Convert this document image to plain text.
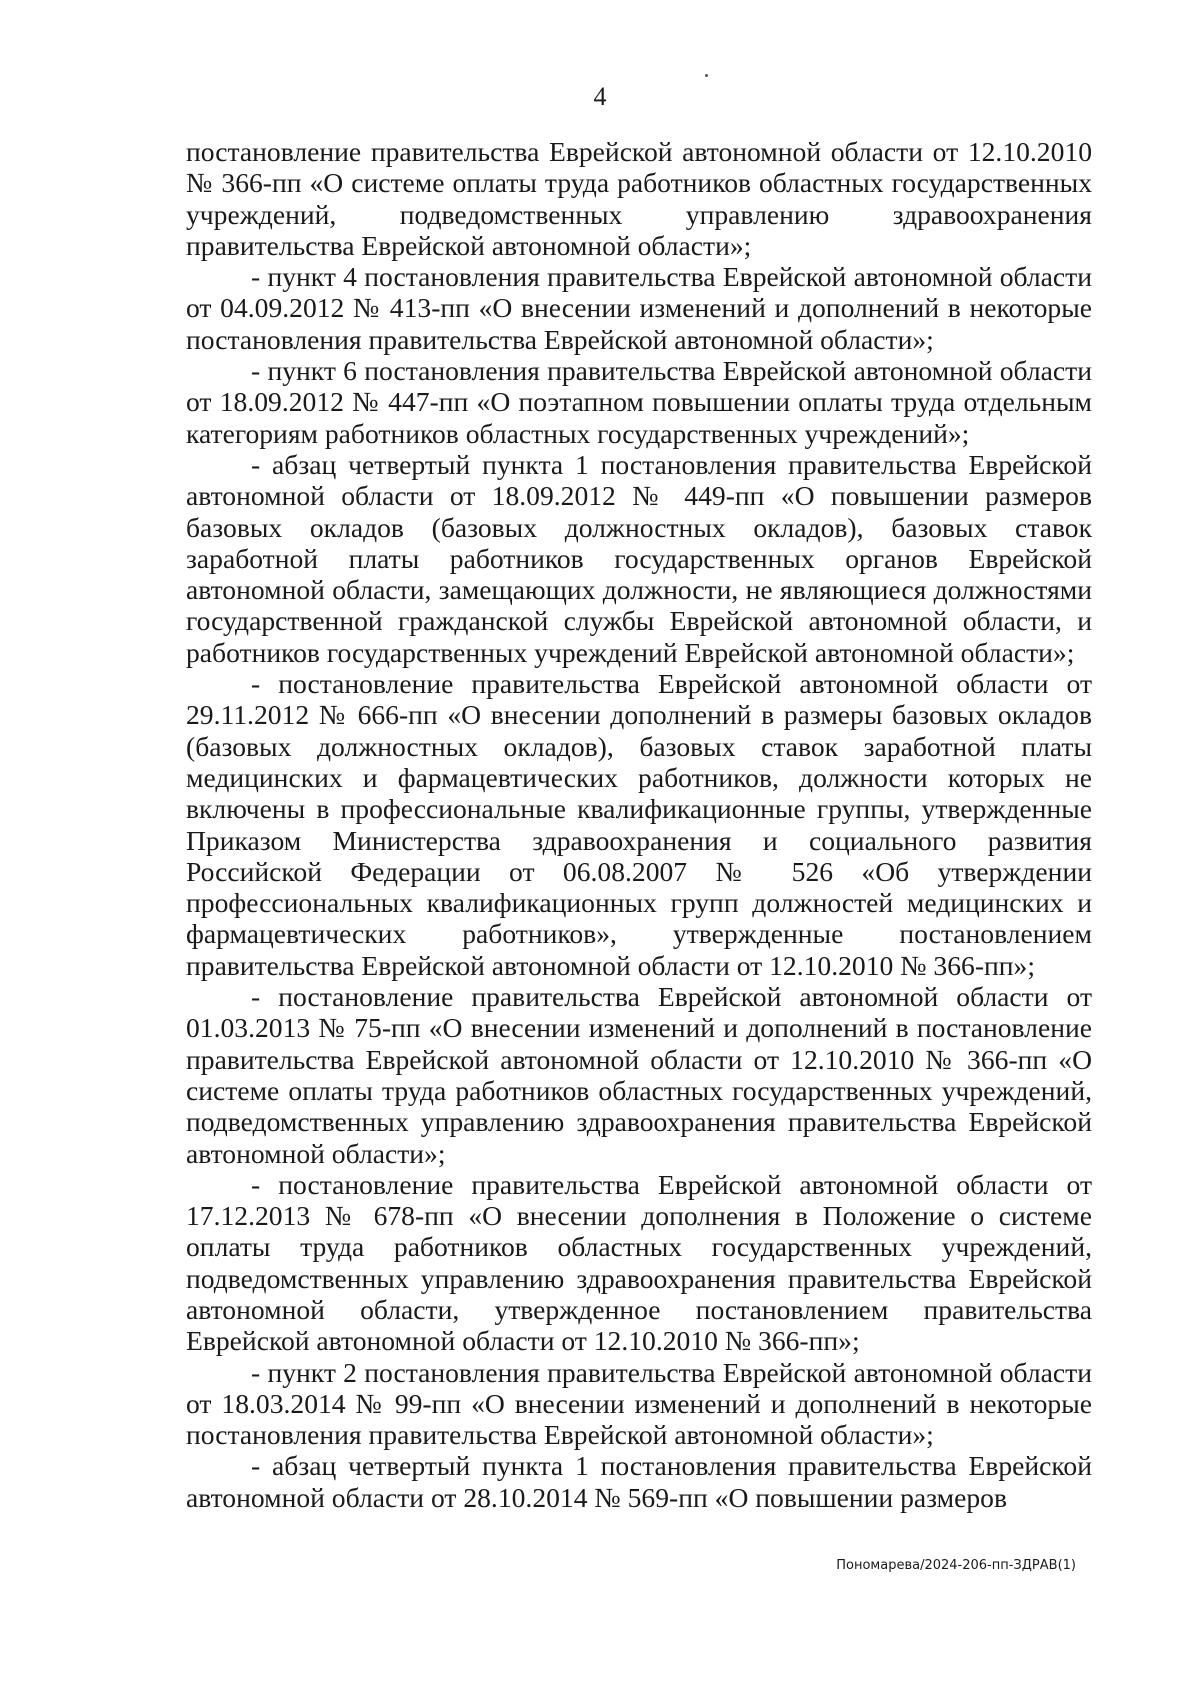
4

постановление правительства Еврейской автономной области от 12.10.2010 № 366-пп «О системе оплаты труда работников областных государственных учреждений, подведомственных управлению здравоохранения правительства Еврейской автономной области»;

- пункт 4 постановления правительства Еврейской автономной области от 04.09.2012 № 413-пп «О внесении изменений и дополнений в некоторые постановления правительства Еврейской автономной области»;

- пункт 6 постановления правительства Еврейской автономной области от 18.09.2012 № 447-пп «О поэтапном повышении оплаты труда отдельным категориям работников областных государственных учреждений»;

- абзац четвертый пункта 1 постановления правительства Еврейской автономной области от 18.09.2012 № 449-пп «О повышении размеров базовых окладов (базовых должностных окладов), базовых ставок заработной платы работников государственных органов Еврейской автономной области, замещающих должности, не являющиеся должностями государственной гражданской службы Еврейской автономной области, и работников государственных учреждений Еврейской автономной области»;

- постановление правительства Еврейской автономной области от 29.11.2012 № 666-пп «О внесении дополнений в размеры базовых окладов (базовых должностных окладов), базовых ставок заработной платы медицинских и фармацевтических работников, должности которых не включены в профессиональные квалификационные группы, утвержденные Приказом Министерства здравоохранения и социального развития Российской Федерации от 06.08.2007 № 526 «Об утверждении профессиональных квалификационных групп должностей медицинских и фармацевтических работников», утвержденные постановлением правительства Еврейской автономной области от 12.10.2010 № 366-пп»;

- постановление правительства Еврейской автономной области от 01.03.2013 № 75-пп «О внесении изменений и дополнений в постановление правительства Еврейской автономной области от 12.10.2010 № 366-пп «О системе оплаты труда работников областных государственных учреждений, подведомственных управлению здравоохранения правительства Еврейской автономной области»;

- постановление правительства Еврейской автономной области от 17.12.2013 № 678-пп «О внесении дополнения в Положение о системе оплаты труда работников областных государственных учреждений, подведомственных управлению здравоохранения правительства Еврейской автономной области, утвержденное постановлением правительства Еврейской автономной области от 12.10.2010 № 366-пп»;

- пункт 2 постановления правительства Еврейской автономной области от 18.03.2014 № 99-пп «О внесении изменений и дополнений в некоторые постановления правительства Еврейской автономной области»;

- абзац четвертый пункта 1 постановления правительства Еврейской автономной области от 28.10.2014 № 569-пп «О повышении размеров

Пономарева/2024-206-пп-ЗДРАВ(1)
